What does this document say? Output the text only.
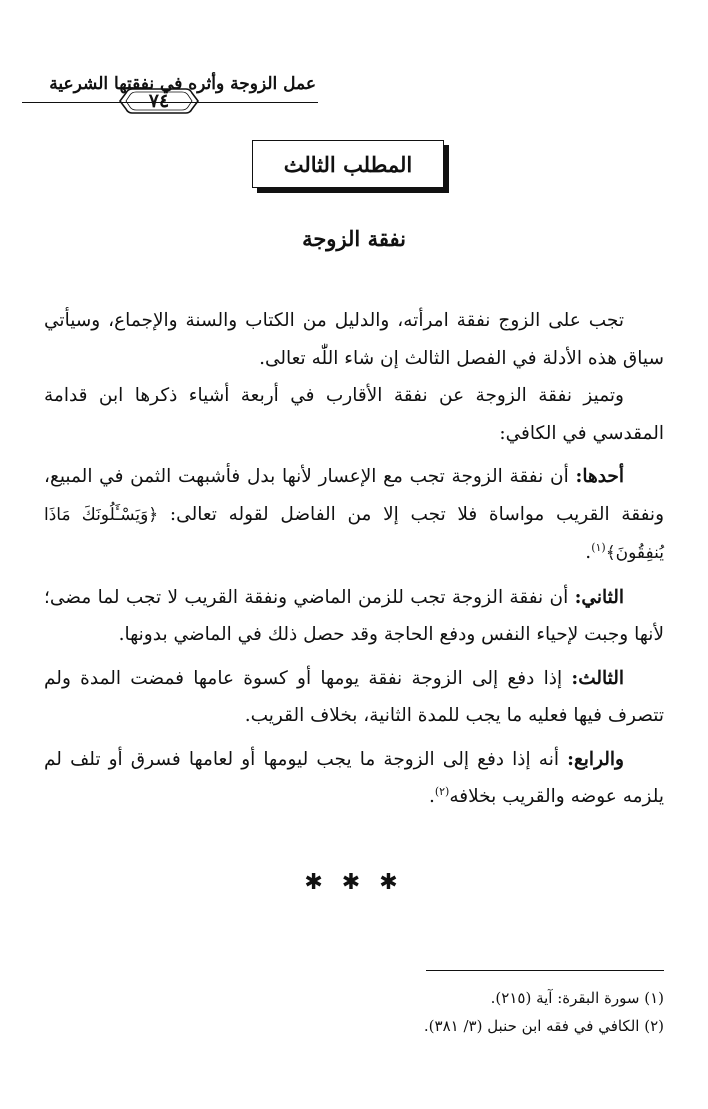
عمل الزوجة وأثره في نفقتها الشرعية
٧٤
المطلب الثالث
نفقة الزوجة

تجب على الزوج نفقة امرأته، والدليل من الكتاب والسنة والإجماع، وسيأتي سياق هذه الأدلة في الفصل الثالث إن شاء اللّٰه تعالى.

وتميز نفقة الزوجة عن نفقة الأقارب في أربعة أشياء ذكرها ابن قدامة المقدسي في الكافي:

أحدها: أن نفقة الزوجة تجب مع الإعسار لأنها بدل فأشبهت الثمن في المبيع، ونفقة القريب مواساة فلا تجب إلا من الفاضل لقوله تعالى: ﴿وَيَسْـَٔلُونَكَ مَاذَا يُنفِقُونَ﴾$^{(١)}$.

الثاني: أن نفقة الزوجة تجب للزمن الماضي ونفقة القريب لا تجب لما مضى؛ لأنها وجبت لإحياء النفس ودفع الحاجة وقد حصل ذلك في الماضي بدونها.

الثالث: إذا دفع إلى الزوجة نفقة يومها أو كسوة عامها فمضت المدة ولم تتصرف فيها فعليه ما يجب للمدة الثانية، بخلاف القريب.

والرابع: أنه إذا دفع إلى الزوجة ما يجب ليومها أو لعامها فسرق أو تلف لم يلزمه عوضه والقريب بخلافه$^{(٢)}$.

✱ ✱ ✱

(١) سورة البقرة: آية (٢١٥).

(٢) الكافي في فقه ابن حنبل (٣/ ٣٨١).
